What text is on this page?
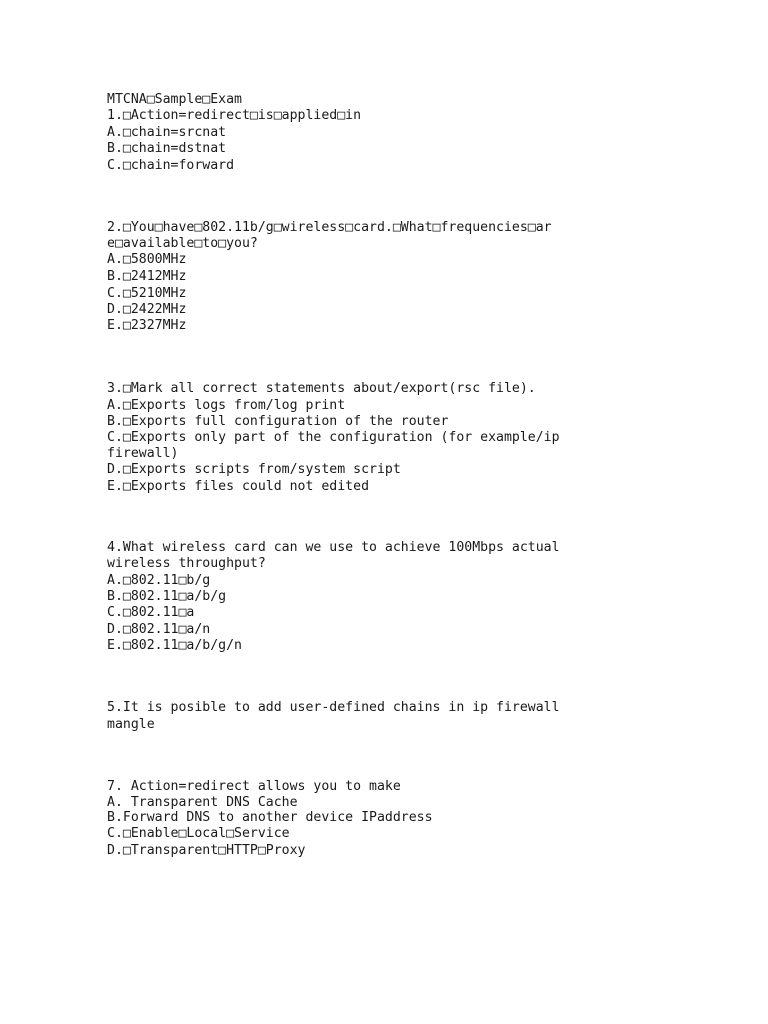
MTCNA□Sample□Exam
1.□Action=redirect□is□applied□in
A.□chain=srcnat
B.□chain=dstnat
C.□chain=forward
2.□You□have□802.11b/g□wireless□card.□What□frequencies□ar
e□available□to□you?
A.□5800MHz
B.□2412MHz
C.□5210MHz
D.□2422MHz
E.□2327MHz
3.□Mark all correct statements about/export(rsc file).
A.□Exports logs from/log print
B.□Exports full configuration of the router
C.□Exports only part of the configuration (for example/ip
firewall)
D.□Exports scripts from/system script
E.□Exports files could not edited
4.What wireless card can we use to achieve 100Mbps actual
wireless throughput?
A.□802.11□b/g
B.□802.11□a/b/g
C.□802.11□a
D.□802.11□a/n
E.□802.11□a/b/g/n
5.It is posible to add user-defined chains in ip firewall
mangle
7. Action=redirect allows you to make
A. Transparent DNS Cache
B.Forward DNS to another device IPaddress
C.□Enable□Local□Service
D.□Transparent□HTTP□Proxy
